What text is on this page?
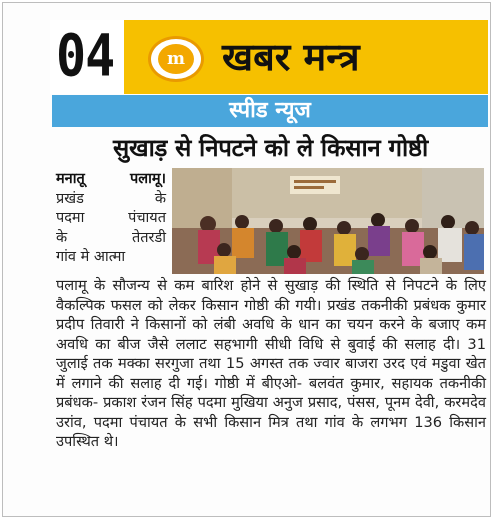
04	m खबर मन्त्र
स्पीड न्यूज
सुखाड़ से निपटने को ले किसान गोष्ठी

मनातू पलामू।

प्रखंड के

पदमा पंचायत

के तेतरडी

गांव मे आत्मा

पलामू के सौजन्य से कम बारिश होने से सुखाड़ की स्थिति से निपटने के लिए वैकल्पिक फसल को लेकर किसान गोष्ठी की गयी। प्रखंड तकनीकी प्रबंधक कुमार प्रदीप तिवारी ने किसानों को लंबी अवधि के धान का चयन करने के बजाए कम अवधि का बीज जैसे ललाट सहभागी सीधी विधि से बुवाई की सलाह दी। 31 जुलाई तक मक्का सरगुजा तथा 15 अगस्त तक ज्वार बाजरा उरद एवं मडुवा खेत में लगाने की सलाह दी गई। गोष्ठी में बीएओ- बलवंत कुमार, सहायक तकनीकी प्रबंधक- प्रकाश रंजन सिंह पदमा मुखिया अनुज प्रसाद, पंसस, पूनम देवी, करमदेव उरांव, पदमा पंचायत के सभी किसान मित्र तथा गांव के लगभग 136 किसान उपस्थित थे।
